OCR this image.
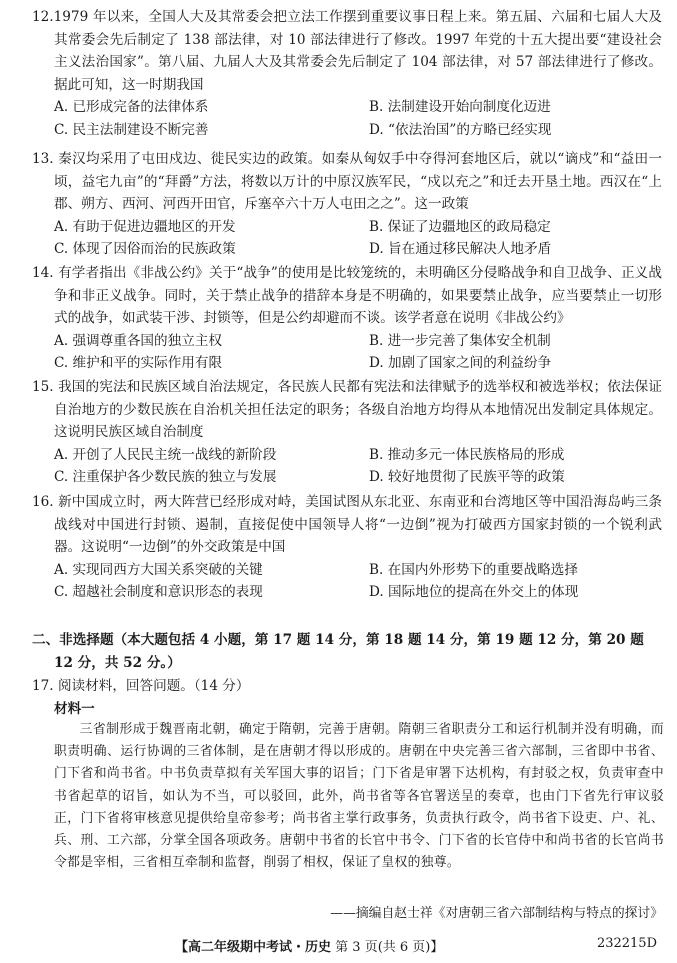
12.1979 年以来，全国人大及其常委会把立法工作摆到重要议事日程上来。第五届、六届和七届人大及其常委会先后制定了 138 部法律，对 10 部法律进行了修改。1997 年党的十五大提出要“建设社会主义法治国家”。第八届、九届人大及其常委会先后制定了 104 部法律，对 57 部法律进行了修改。据此可知，这一时期我国

A. 已形成完备的法律体系	B. 法制建设开始向制度化迈进
C. 民主法制建设不断完善	D. “依法治国”的方略已经实现

13. 秦汉均采用了屯田戍边、徙民实边的政策。如秦从匈奴手中夺得河套地区后，就以“谪戍”和“益田一顷，益宅九亩”的“拜爵”方法，将数以万计的中原汉族军民，“戍以充之”和迁去开垦土地。西汉在“上郡、朔方、西河、河西开田官，斥塞卒六十万人屯田之之”。这一政策

A. 有助于促进边疆地区的开发	B. 保证了边疆地区的政局稳定
C. 体现了因俗而治的民族政策	D. 旨在通过移民解决人地矛盾

14. 有学者指出《非战公约》关于“战争”的使用是比较笼统的，未明确区分侵略战争和自卫战争、正义战争和非正义战争。同时，关于禁止战争的措辞本身是不明确的，如果要禁止战争，应当要禁止一切形式的战争，如武装干涉、封锁等，但是公约却避而不谈。该学者意在说明《非战公约》

A. 强调尊重各国的独立主权	B. 进一步完善了集体安全机制
C. 维护和平的实际作用有限	D. 加剧了国家之间的利益纷争

15. 我国的宪法和民族区域自治法规定，各民族人民都有宪法和法律赋予的选举权和被选举权；依法保证自治地方的少数民族在自治机关担任法定的职务；各级自治地方均得从本地情况出发制定具体规定。这说明民族区域自治制度

A. 开创了人民民主统一战线的新阶段	B. 推动多元一体民族格局的形成
C. 注重保护各少数民族的独立与发展	D. 较好地贯彻了民族平等的政策

16. 新中国成立时，两大阵营已经形成对峙，美国试图从东北亚、东南亚和台湾地区等中国沿海岛屿三条战线对中国进行封锁、遏制，直接促使中国领导人将“一边倒”视为打破西方国家封锁的一个锐利武器。这说明“一边倒”的外交政策是中国

A. 实现同西方大国关系突破的关键	B. 在国内外形势下的重要战略选择
C. 超越社会制度和意识形态的表现	D. 国际地位的提高在外交上的体现
二、非选择题（本大题包括 4 小题，第 17 题 14 分，第 18 题 14 分，第 19 题 12 分，第 20 题 12 分，共 52 分。）
17. 阅读材料，回答问题。（14 分）
材料一

三省制形成于魏晋南北朝，确定于隋朝，完善于唐朝。隋朝三省职责分工和运行机制并没有明确，而职责明确、运行协调的三省体制，是在唐朝才得以形成的。唐朝在中央完善三省六部制，三省即中书省、门下省和尚书省。中书负责草拟有关军国大事的诏旨；门下省是审署下达机构，有封驳之权，负责审查中书省起草的诏旨，如认为不当，可以驳回，此外，尚书省等各官署送呈的奏章，也由门下省先行审议驳正，门下省将审核意见提供给皇帝参考；尚书省主掌行政事务，负责执行政令，尚书省下设吏、户、礼、兵、刑、工六部，分掌全国各项政务。唐朝中书省的长官中书令、门下省的长官侍中和尚书省的长官尚书令都是宰相，三省相互牵制和监督，削弱了相权，保证了皇权的独尊。

——摘编自赵士祥《对唐朝三省六部制结构与特点的探讨》
【高二年级期中考试・历史 第 3 页(共 6 页)】	232215D
